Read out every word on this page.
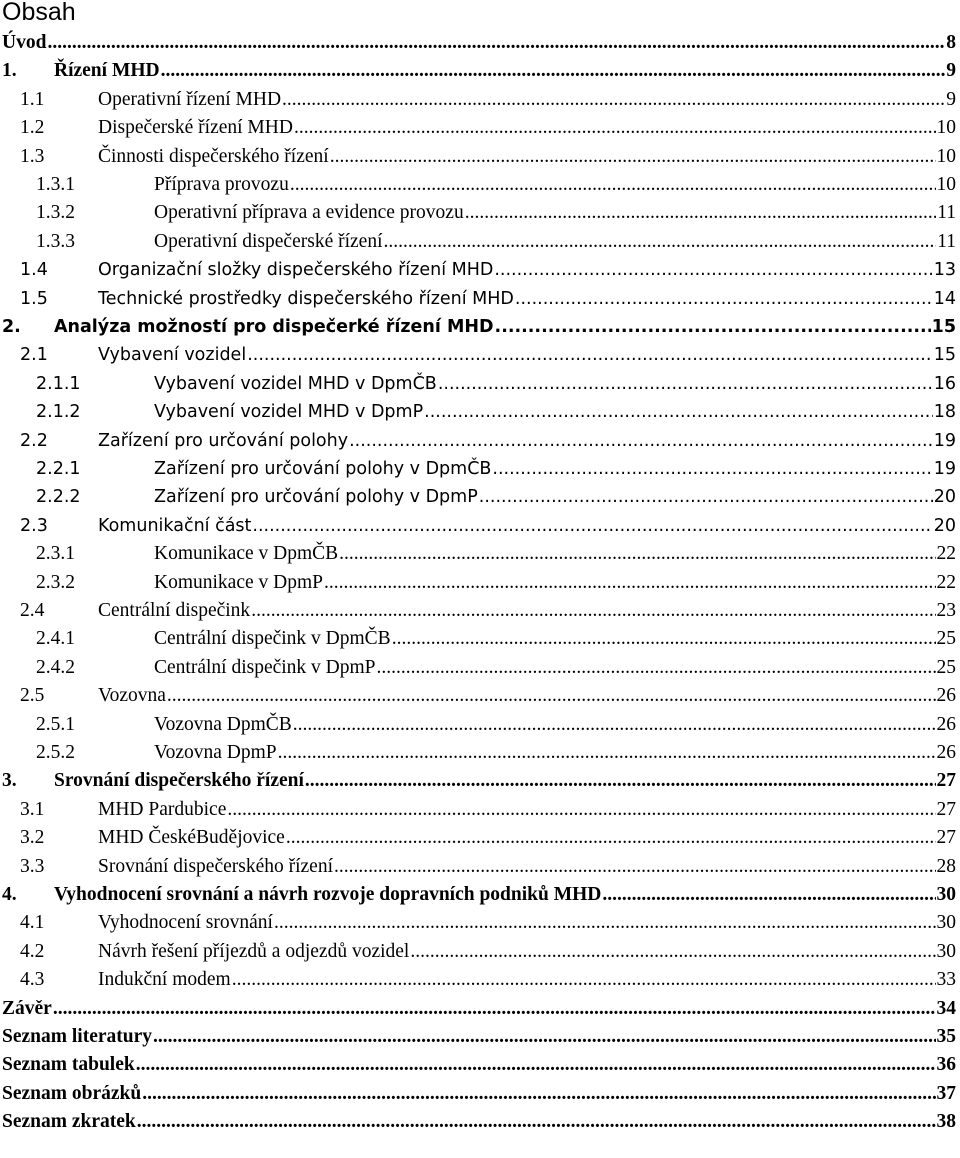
Obsah
Úvod .....	8
1.	Řízení MHD .....	9
1.1	Operativní řízení MHD .....	9
1.2	Dispečerské řízení MHD .....	10
1.3	Činnosti dispečerského řízení .....	10
1.3.1	Příprava provozu .....	10
1.3.2	Operativní příprava a evidence provozu .....	11
1.3.3	Operativní dispečerské řízení .....	11
1.4	Organizační složky dispečerského řízení MHD .....	13
1.5	Technické prostředky dispečerského řízení MHD .....	14
2.	Analýza možností pro dispečerké řízení MHD .....	15
2.1	Vybavení vozidel .....	15
2.1.1	Vybavení vozidel MHD v DpmČB .....	16
2.1.2	Vybavení vozidel MHD v DpmP .....	18
2.2	Zařízení pro určování polohy .....	19
2.2.1	Zařízení pro určování polohy v DpmČB .....	19
2.2.2	Zařízení pro určování polohy v DpmP .....	20
2.3	Komunikační část .....	20
2.3.1	Komunikace v DpmČB .....	22
2.3.2	Komunikace v DpmP .....	22
2.4	Centrální dispečink .....	23
2.4.1	Centrální dispečink v DpmČB .....	25
2.4.2	Centrální dispečink v DpmP .....	25
2.5	Vozovna .....	26
2.5.1	Vozovna DpmČB .....	26
2.5.2	Vozovna DpmP .....	26
3.	Srovnání dispečerského řízení .....	27
3.1	MHD Pardubice .....	27
3.2	MHD ČeskéBudějovice .....	27
3.3	Srovnání dispečerského řízení .....	28
4.	Vyhodnocení srovnání a návrh rozvoje dopravních podniků MHD .....	30
4.1	Vyhodnocení srovnání .....	30
4.2	Návrh řešení příjezdů a odjezdů vozidel .....	30
4.3	Indukční modem .....	33
Závěr .....	34
Seznam literatury .....	35
Seznam tabulek .....	36
Seznam obrázků .....	37
Seznam zkratek .....	38
